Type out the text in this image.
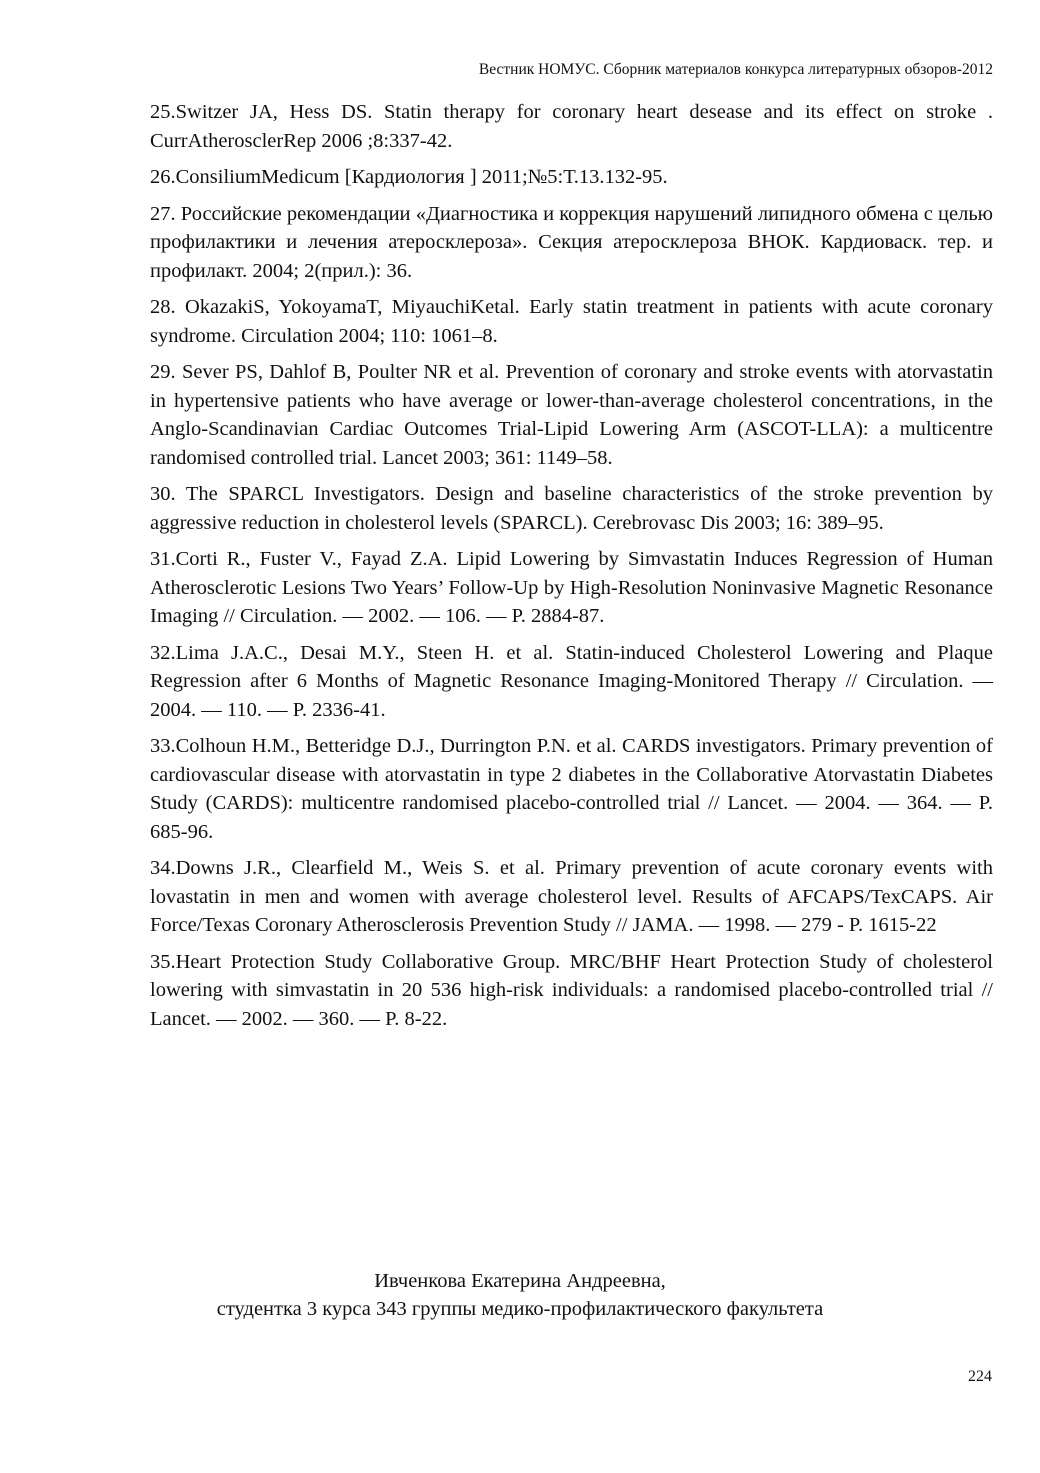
Вестник НОМУС. Сборник материалов конкурса литературных обзоров-2012

25.Switzer JA, Hess DS. Statin therapy for coronary heart desease and its effect on stroke . CurrAtherosclerRep 2006 ;8:337-42.

26.ConsiliumMedicum [Кардиология ] 2011;№5:Т.13.132-95.

27. Российские рекомендации «Диагностика и коррекция нарушений липидного обмена с целью профилактики и лечения атеросклероза». Секция атеросклероза ВНОК. Кардиоваск. тер. и профилакт. 2004; 2(прил.): 36.

28. OkazakiS, YokoyamaT, MiyauchiKetal. Early statin treatment in patients with acute coronary syndrome. Circulation 2004; 110: 1061–8.

29. Sever PS, Dahlof B, Poulter NR et al. Prevention of coronary and stroke events with atorvastatin in hypertensive patients who have average or lower-than-average cholesterol concentrations, in the Anglo-Scandinavian Cardiac Outcomes Trial-Lipid Lowering Arm (ASCOT-LLA): a multicentre randomised controlled trial. Lancet 2003; 361: 1149–58.

30. The SPARCL Investigators. Design and baseline characteristics of the stroke prevention by aggressive reduction in cholesterol levels (SPARCL). Cerebrovasc Dis 2003; 16: 389–95.

31.Corti R., Fuster V., Fayad Z.A. Lipid Lowering by Simvastatin Induces Regression of Human Atherosclerotic Lesions Two Years’ Follow-Up by High-Resolution Noninvasive Magnetic Resonance Imaging // Circulation. — 2002. — 106. — P. 2884-87.

32.Lima J.A.C., Desai M.Y., Steen H. et al. Statin-induced Cholesterol Lowering and Plaque Regression after 6 Months of Magnetic Resonance Imaging-Monitored Therapy // Circulation. — 2004. — 110. — P. 2336-41.

33.Colhoun H.M., Betteridge D.J., Durrington P.N. et al. CARDS investigators. Primary prevention of cardiovascular disease with atorvastatin in type 2 diabetes in the Collaborative Atorvastatin Diabetes Study (CARDS): multicentre randomised placebo-controlled trial // Lancet. — 2004. — 364. — P. 685-96.

34.Downs J.R., Clearfield M., Weis S. et al. Primary prevention of acute coronary events with lovastatin in men and women with average cholesterol level. Results of AFCAPS/TexCAPS. Air Force/Texas Coronary Atherosclerosis Prevention Study // JAMA. — 1998. — 279 - P. 1615-22

35.Heart Protection Study Collaborative Group. MRC/BHF Heart Protection Study of cholesterol lowering with simvastatin in 20 536 high-risk individuals: a randomised placebo-controlled trial // Lancet. — 2002. — 360. — P. 8-22.

Ивченкова Екатерина Андреевна,
студентка 3 курса 343 группы медико-профилактического факультета
224
